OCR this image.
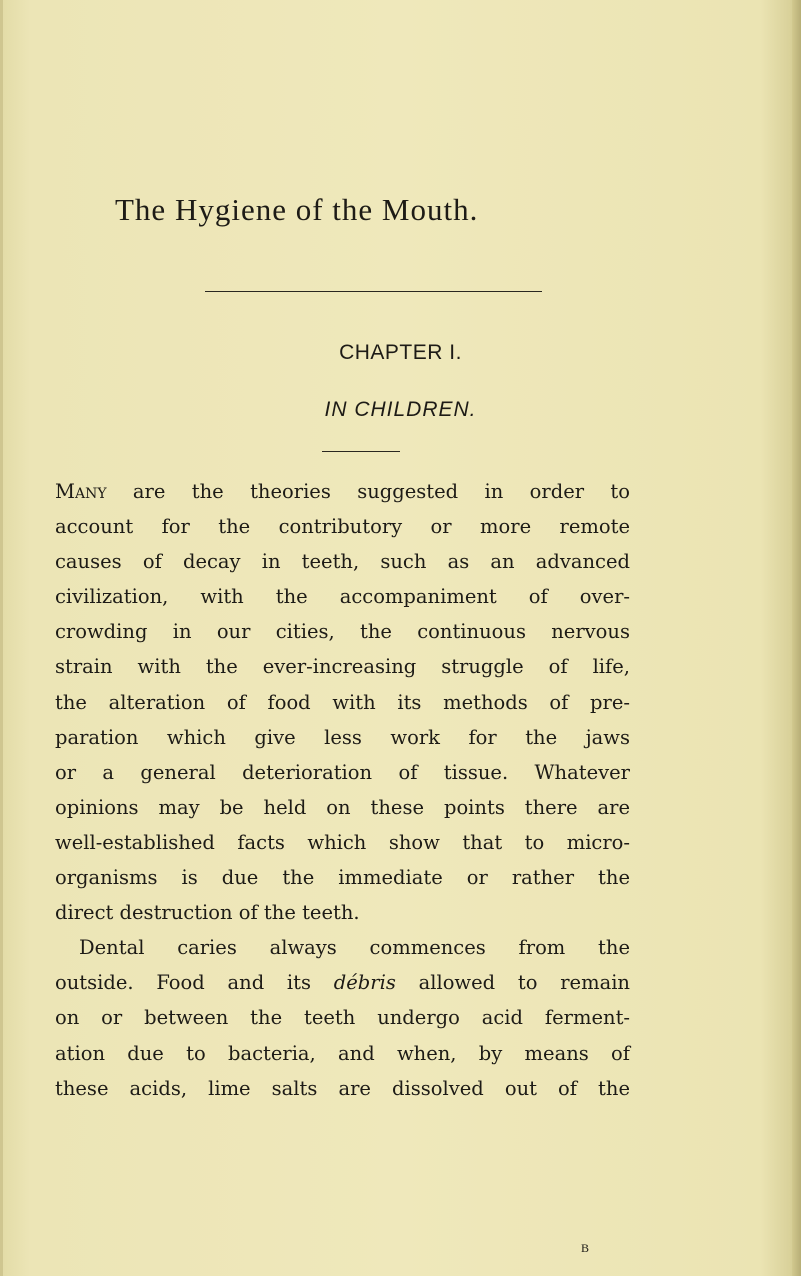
The Hygiene of the Mouth.
CHAPTER I.
IN CHILDREN.
Many are the theories suggested in order to
account for the contributory or more remote
causes of decay in teeth, such as an advanced
civilization, with the accompaniment of over-
crowding in our cities, the continuous nervous
strain with the ever-increasing struggle of life,
the alteration of food with its methods of pre-
paration which give less work for the jaws
or a general deterioration of tissue. Whatever
opinions may be held on these points there are
well-established facts which show that to micro-
organisms is due the immediate or rather the
direct destruction of the teeth.
Dental caries always commences from the
outside. Food and its débris allowed to remain
on or between the teeth undergo acid ferment-
ation due to bacteria, and when, by means of
these acids, lime salts are dissolved out of the
B
